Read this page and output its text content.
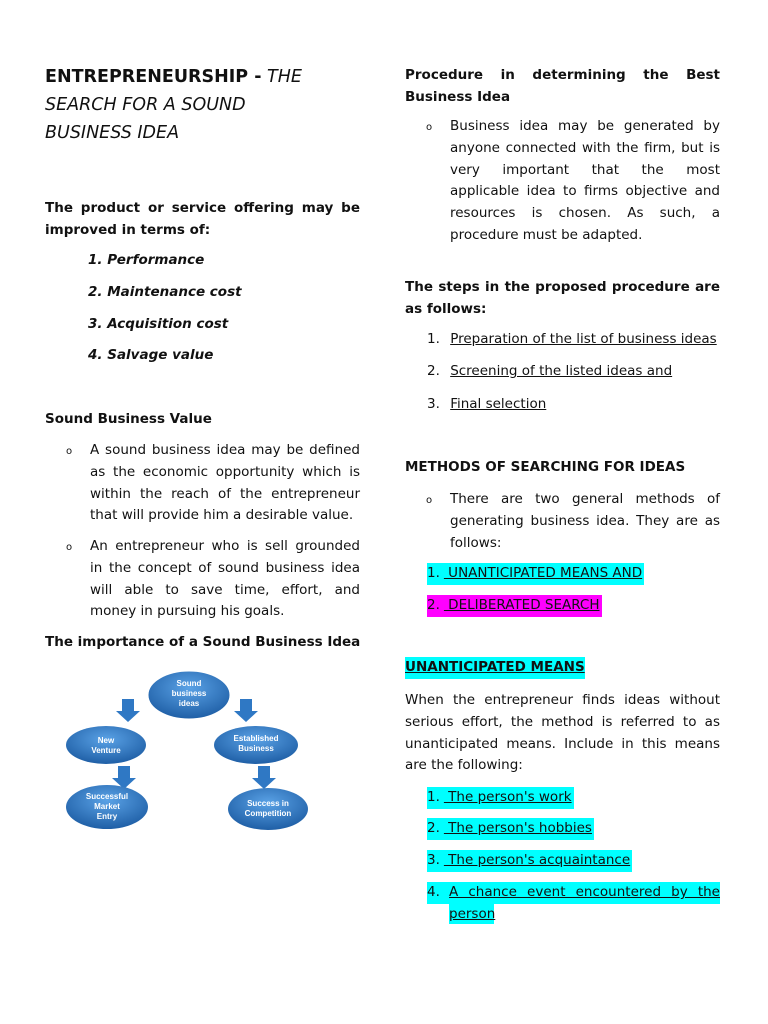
ENTREPRENEURSHIP - THE
SEARCH FOR A SOUND
BUSINESS IDEA
The product or service offering may be improved in terms of:
1. Performance
2. Maintenance cost
3. Acquisition cost
4. Salvage value
Sound Business Value
o A sound business idea may be defined as the economic opportunity which is within the reach of the entrepreneur that will provide him a desirable value.
o An entrepreneur who is sell grounded in the concept of sound business idea will able to save time, effort, and money in pursuing his goals.
The importance of a Sound Business Idea
Sound
business
ideas
New
Venture
Established
Business
Successful
Market
Entry
Success in
Competition
Procedure in determining the Best Business Idea
o Business idea may be generated by anyone connected with the firm, but is very important that the most applicable idea to firms objective and resources is chosen. As such, a procedure must be adapted.
The steps in the proposed procedure are as follows:
1. Preparation of the list of business ideas
2. Screening of the listed ideas and
3. Final selection
METHODS OF SEARCHING FOR IDEAS
o There are two general methods of generating business idea. They are as follows:
1. UNANTICIPATED MEANS AND
2. DELIBERATED SEARCH
UNANTICIPATED MEANS
When the entrepreneur finds ideas without serious effort, the method is referred to as unanticipated means. Include in this means are the following:
1. The person's work
2. The person's hobbies
3. The person's acquaintance
4. A chance event encountered by the person
